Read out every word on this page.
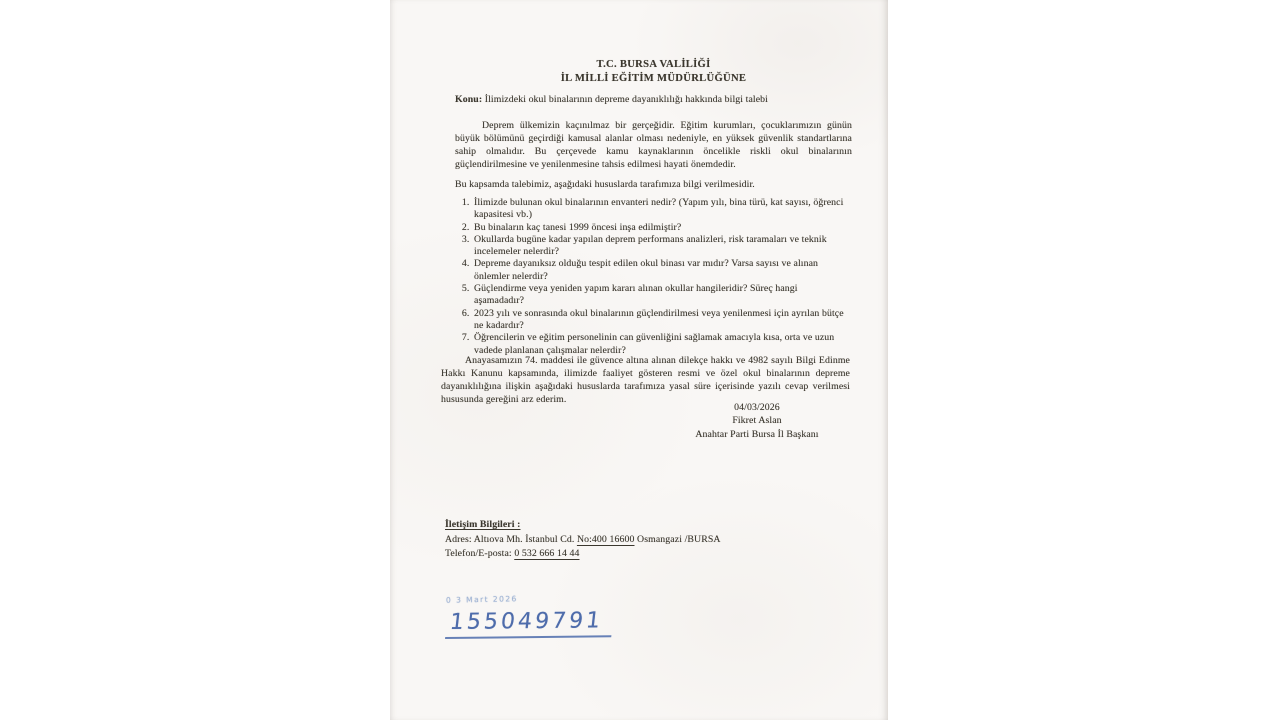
T.C. BURSA VALİLİĞİ
İL MİLLİ EĞİTİM MÜDÜRLÜĞÜNE
Konu: İlimizdeki okul binalarının depreme dayanıklılığı hakkında bilgi talebi
Deprem ülkemizin kaçınılmaz bir gerçeğidir. Eğitim kurumları, çocuklarımızın günün büyük bölümünü geçirdiği kamusal alanlar olması nedeniyle, en yüksek güvenlik standartlarına sahip olmalıdır. Bu çerçevede kamu kaynaklarının öncelikle riskli okul binalarının güçlendirilmesine ve yenilenmesine tahsis edilmesi hayati önemdedir.
Bu kapsamda talebimiz, aşağıdaki hususlarda tarafımıza bilgi verilmesidir.
1. İlimizde bulunan okul binalarının envanteri nedir? (Yapım yılı, bina türü, kat sayısı, öğrenci kapasitesi vb.)
2. Bu binaların kaç tanesi 1999 öncesi inşa edilmiştir?
3. Okullarda bugüne kadar yapılan deprem performans analizleri, risk taramaları ve teknik incelemeler nelerdir?
4. Depreme dayanıksız olduğu tespit edilen okul binası var mıdır? Varsa sayısı ve alınan önlemler nelerdir?
5. Güçlendirme veya yeniden yapım kararı alınan okullar hangileridir? Süreç hangi aşamadadır?
6. 2023 yılı ve sonrasında okul binalarının güçlendirilmesi veya yenilenmesi için ayrılan bütçe ne kadardır?
7. Öğrencilerin ve eğitim personelinin can güvenliğini sağlamak amacıyla kısa, orta ve uzun vadede planlanan çalışmalar nelerdir?
Anayasamızın 74. maddesi ile güvence altına alınan dilekçe hakkı ve 4982 sayılı Bilgi Edinme Hakkı Kanunu kapsamında, ilimizde faaliyet gösteren resmi ve özel okul binalarının depreme dayanıklılığına ilişkin aşağıdaki hususlarda tarafımıza yasal süre içerisinde yazılı cevap verilmesi hususunda gereğini arz ederim.
04/03/2026
Fikret Aslan
Anahtar Parti Bursa İl Başkanı
İletişim Bilgileri :
Adres: Altıova Mh. İstanbul Cd. No:400 16600 Osmangazi /BURSA
Telefon/E-posta: 0 532 666 14 44
0 3 Mart 2026
155049791
